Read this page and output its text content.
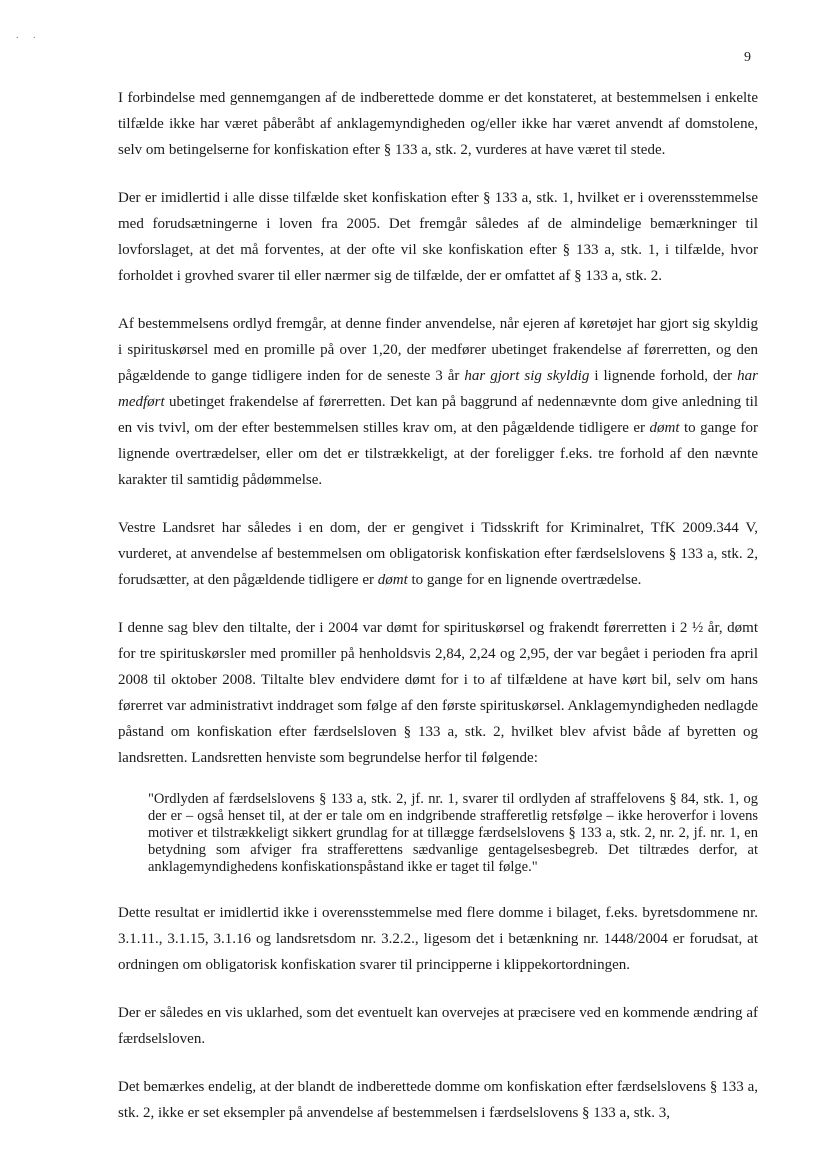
. .
9

I forbindelse med gennemgangen af de indberettede domme er det konstateret, at bestemmelsen i enkelte tilfælde ikke har været påberåbt af anklagemyndigheden og/eller ikke har været anvendt af domstolene, selv om betingelserne for konfiskation efter § 133 a, stk. 2, vurderes at have været til stede.

Der er imidlertid i alle disse tilfælde sket konfiskation efter § 133 a, stk. 1, hvilket er i overensstemmelse med forudsætningerne i loven fra 2005. Det fremgår således af de almindelige bemærkninger til lovforslaget, at det må forventes, at der ofte vil ske konfiskation efter § 133 a, stk. 1, i tilfælde, hvor forholdet i grovhed svarer til eller nærmer sig de tilfælde, der er omfattet af § 133 a, stk. 2.

Af bestemmelsens ordlyd fremgår, at denne finder anvendelse, når ejeren af køretøjet har gjort sig skyldig i spirituskørsel med en promille på over 1,20, der medfører ubetinget frakendelse af førerretten, og den pågældende to gange tidligere inden for de seneste 3 år har gjort sig skyldig i lignende forhold, der har medført ubetinget frakendelse af førerretten. Det kan på baggrund af nedennævnte dom give anledning til en vis tvivl, om der efter bestemmelsen stilles krav om, at den pågældende tidligere er dømt to gange for lignende overtrædelser, eller om det er tilstrækkeligt, at der foreligger f.eks. tre forhold af den nævnte karakter til samtidig pådømmelse.

Vestre Landsret har således i en dom, der er gengivet i Tidsskrift for Kriminalret, TfK 2009.344 V, vurderet, at anvendelse af bestemmelsen om obligatorisk konfiskation efter færdselslovens § 133 a, stk. 2, forudsætter, at den pågældende tidligere er dømt to gange for en lignende overtrædelse.

I denne sag blev den tiltalte, der i 2004 var dømt for spirituskørsel og frakendt førerretten i 2 ½ år, dømt for tre spirituskørsler med promiller på henholdsvis 2,84, 2,24 og 2,95, der var begået i perioden fra april 2008 til oktober 2008. Tiltalte blev endvidere dømt for i to af tilfældene at have kørt bil, selv om hans førerret var administrativt inddraget som følge af den første spirituskørsel. Anklagemyndigheden nedlagde påstand om konfiskation efter færdselsloven § 133 a, stk. 2, hvilket blev afvist både af byretten og landsretten. Landsretten henviste som begrundelse herfor til følgende:

"Ordlyden af færdselslovens § 133 a, stk. 2, jf. nr. 1, svarer til ordlyden af straffelovens § 84, stk. 1, og der er – også henset til, at der er tale om en indgribende strafferetlig retsfølge – ikke heroverfor i lovens motiver et tilstrækkeligt sikkert grundlag for at tillægge færdselslovens § 133 a, stk. 2, nr. 2, jf. nr. 1, en betydning som afviger fra strafferettens sædvanlige gentagelsesbegreb. Det tiltrædes derfor, at anklagemyndighedens konfiskationspåstand ikke er taget til følge."

Dette resultat er imidlertid ikke i overensstemmelse med flere domme i bilaget, f.eks. byretsdommene nr. 3.1.11., 3.1.15, 3.1.16 og landsretsdom nr. 3.2.2., ligesom det i betænkning nr. 1448/2004 er forudsat, at ordningen om obligatorisk konfiskation svarer til principperne i klippekortordningen.

Der er således en vis uklarhed, som det eventuelt kan overvejes at præcisere ved en kommende ændring af færdselsloven.

Det bemærkes endelig, at der blandt de indberettede domme om konfiskation efter færdselslovens § 133 a, stk. 2, ikke er set eksempler på anvendelse af bestemmelsen i færdselslovens § 133 a, stk. 3,
